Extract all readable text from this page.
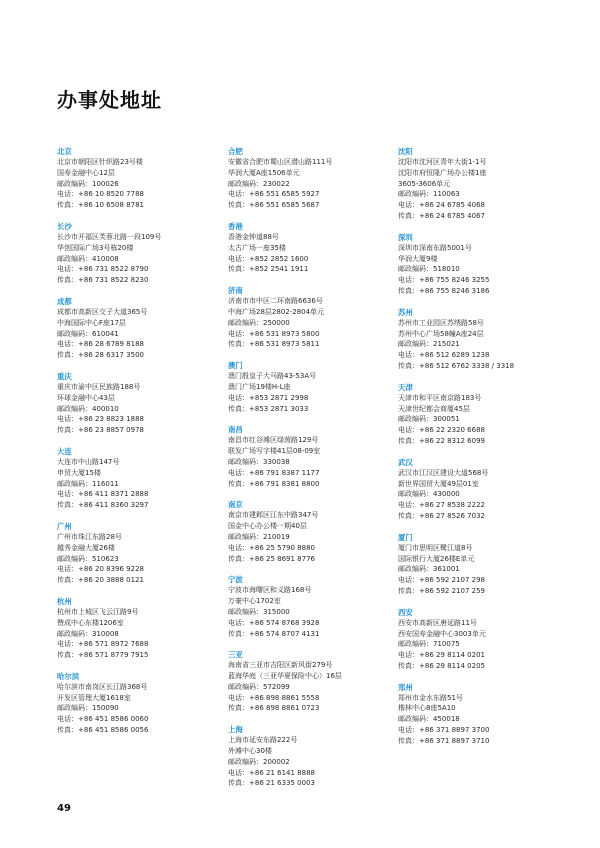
办事处地址
北京
北京市朝阳区针织路23号楼
国寿金融中心12层
邮政编码：100026
电话：+86 10 8520 7788
传真：+86 10 6508 8781
长沙
长沙市开福区芙蓉北路一段109号
华创国际广场3号栋20楼
邮政编码：410008
电话：+86 731 8522 8790
传真：+86 731 8522 8230
成都
成都市高新区交子大道365号
中海国际中心F座17层
邮政编码：610041
电话：+86 28 6789 8188
传真：+86 28 6317 3500
重庆
重庆市渝中区民族路188号
环球金融中心43层
邮政编码：400010
电话：+86 23 8823 1888
传真：+86 23 8857 0978
大连
大连市中山路147号
申贸大厦15楼
邮政编码：116011
电话：+86 411 8371 2888
传真：+86 411 8360 3297
广州
广州市珠江东路28号
越秀金融大厦26楼
邮政编码：510623
电话：+86 20 8396 9228
传真：+86 20 3888 0121
杭州
杭州市上城区飞云江路9号
赞成中心东楼1206室
邮政编码：310008
电话：+86 571 8972 7688
传真：+86 571 8779 7915
哈尔滨
哈尔滨市南岗区长江路368号
开发区管理大厦1618室
邮政编码：150090
电话：+86 451 8586 0060
传真：+86 451 8586 0056
合肥
安徽省合肥市蜀山区潜山路111号
华润大厦A座1506单元
邮政编码：230022
电话：+86 551 6585 5927
传真：+86 551 6585 5687
香港
香港金钟道88号
太古广场一座35楼
电话：+852 2852 1600
传真：+852 2541 1911
济南
济南市市中区二环南路6636号
中海广场28层2802-2804单元
邮政编码：250000
电话：+86 531 8973 5800
传真：+86 531 8973 5811
澳门
澳门殷皇子大马路43-53A号
澳门广场19楼H-L座
电话：+853 2871 2998
传真：+853 2871 3033
南昌
南昌市红谷滩区绿茵路129号
联发广场写字楼41层08-09室
邮政编码：330038
电话：+86 791 8387 1177
传真：+86 791 8381 8800
南京
南京市建邺区江东中路347号
国金中心办公楼一期40层
邮政编码：210019
电话：+86 25 5790 8880
传真：+86 25 8691 8776
宁波
宁波市海曙区和义路168号
万豪中心1702室
邮政编码：315000
电话：+86 574 8768 3928
传真：+86 574 8707 4131
三亚
海南省三亚市吉阳区新风街279号
蓝海华庭（三亚华夏保险中心）16层
邮政编码：572099
电话：+86 898 8861 5558
传真：+86 898 8861 0723
上海
上海市延安东路222号
外滩中心30楼
邮政编码：200002
电话：+86 21 6141 8888
传真：+86 21 6335 0003
沈阳
沈阳市沈河区青年大街1-1号
沈阳市府恒隆广场办公楼1座
3605-3606单元
邮政编码：110063
电话：+86 24 6785 4068
传真：+86 24 6785 4067
深圳
深圳市深南东路5001号
华润大厦9楼
邮政编码：518010
电话：+86 755 8246 3255
传真：+86 755 8246 3186
苏州
苏州市工业园区苏绣路58号
苏州中心广场58幢A座24层
邮政编码：215021
电话：+86 512 6289 1238
传真：+86 512 6762 3338 / 3318
天津
天津市和平区南京路183号
天津世纪都会商厦45层
邮政编码：300051
电话：+86 22 2320 6688
传真：+86 22 8312 6099
武汉
武汉市江汉区建设大道568号
新世界国贸大厦49层01室
邮政编码：430000
电话：+86 27 8538 2222
传真：+86 27 8526 7032
厦门
厦门市思明区鹭江道8号
国际银行大厦26楼E单元
邮政编码：361001
电话：+86 592 2107 298
传真：+86 592 2107 259
西安
西安市高新区唐延路11号
西安国寿金融中心3003单元
邮政编码：710075
电话：+86 29 8114 0201
传真：+86 29 8114 0205
郑州
郑州市金水东路51号
楷林中心8座5A10
邮政编码：450018
电话：+86 371 8897 3700
传真：+86 371 8897 3710
49
